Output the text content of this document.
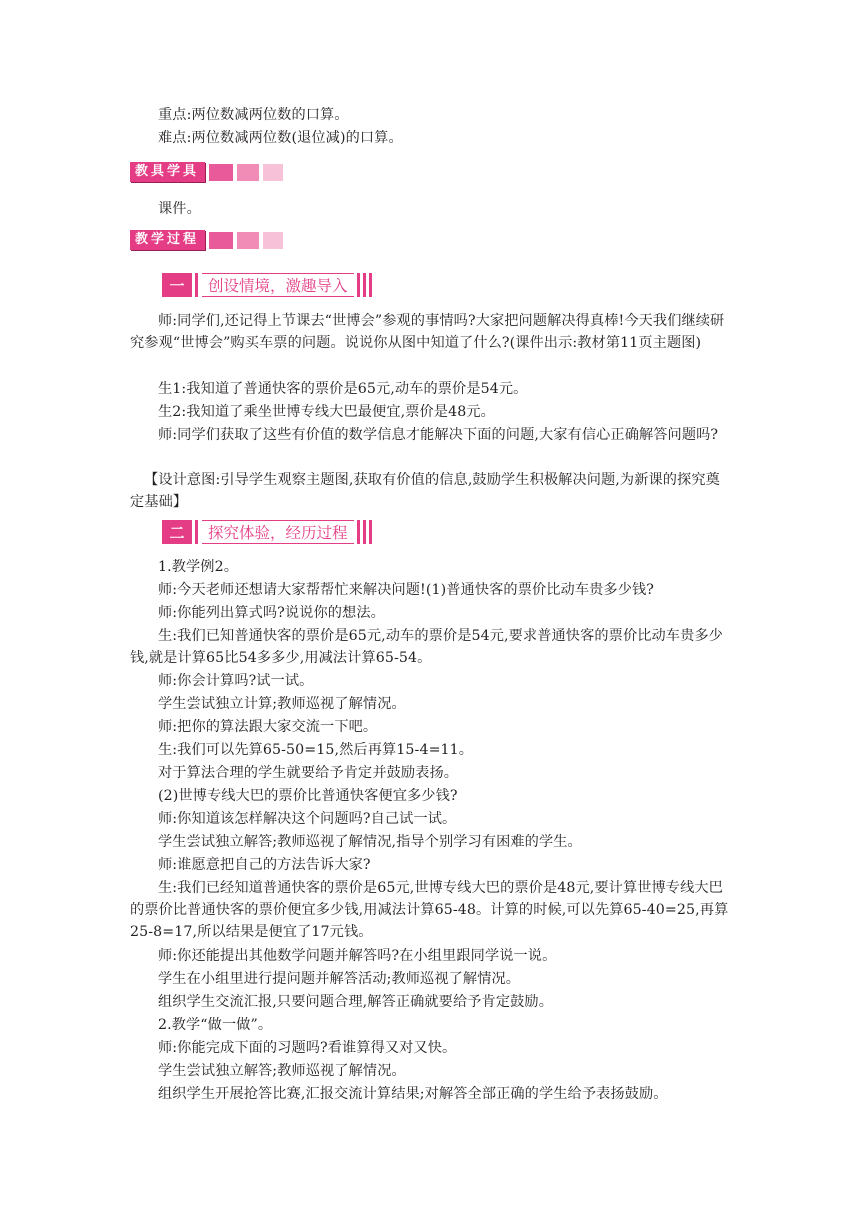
重点:两位数减两位数的口算。

难点:两位数减两位数(退位减)的口算。

教具学具

课件。

教学过程
一	创设情境，激趣导入

师:同学们,还记得上节课去“世博会”参观的事情吗?大家把问题解决得真棒!今天我们继续研究参观“世博会”购买车票的问题。说说你从图中知道了什么?(课件出示:教材第11页主题图)

生1:我知道了普通快客的票价是65元,动车的票价是54元。

生2:我知道了乘坐世博专线大巴最便宜,票价是48元。

师:同学们获取了这些有价值的数学信息才能解决下面的问题,大家有信心正确解答问题吗?

【设计意图:引导学生观察主题图,获取有价值的信息,鼓励学生积极解决问题,为新课的探究奠定基础】

二	探究体验，经历过程

1.教学例2。

师:今天老师还想请大家帮帮忙来解决问题!(1)普通快客的票价比动车贵多少钱?

师:你能列出算式吗?说说你的想法。

生:我们已知普通快客的票价是65元,动车的票价是54元,要求普通快客的票价比动车贵多少钱,就是计算65比54多多少,用减法计算65-54。

师:你会计算吗?试一试。

学生尝试独立计算;教师巡视了解情况。

师:把你的算法跟大家交流一下吧。

生:我们可以先算65-50=15,然后再算15-4=11。

对于算法合理的学生就要给予肯定并鼓励表扬。

(2)世博专线大巴的票价比普通快客便宜多少钱?

师:你知道该怎样解决这个问题吗?自己试一试。

学生尝试独立解答;教师巡视了解情况,指导个别学习有困难的学生。

师:谁愿意把自己的方法告诉大家?

生:我们已经知道普通快客的票价是65元,世博专线大巴的票价是48元,要计算世博专线大巴的票价比普通快客的票价便宜多少钱,用减法计算65-48。计算的时候,可以先算65-40=25,再算25-8=17,所以结果是便宜了17元钱。

师:你还能提出其他数学问题并解答吗?在小组里跟同学说一说。

学生在小组里进行提问题并解答活动;教师巡视了解情况。

组织学生交流汇报,只要问题合理,解答正确就要给予肯定鼓励。

2.教学“做一做”。

师:你能完成下面的习题吗?看谁算得又对又快。

学生尝试独立解答;教师巡视了解情况。

组织学生开展抢答比赛,汇报交流计算结果;对解答全部正确的学生给予表扬鼓励。
